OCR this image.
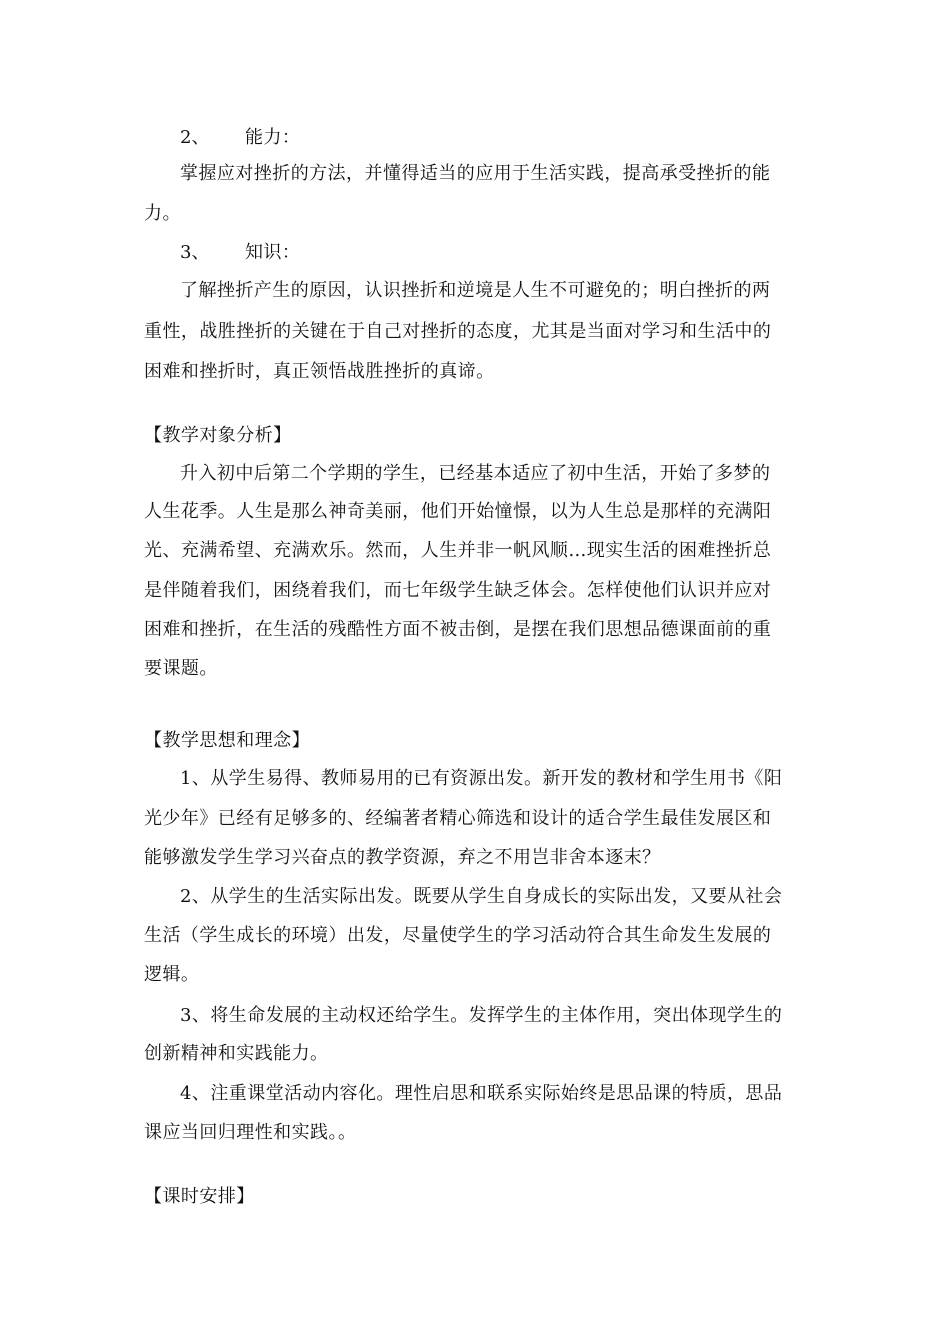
2、 能力：
掌握应对挫折的方法，并懂得适当的应用于生活实践，提高承受挫折的能
力。
3、 知识：
了解挫折产生的原因，认识挫折和逆境是人生不可避免的；明白挫折的两
重性，战胜挫折的关键在于自己对挫折的态度，尤其是当面对学习和生活中的
困难和挫折时，真正领悟战胜挫折的真谛。
【教学对象分析】
升入初中后第二个学期的学生，已经基本适应了初中生活，开始了多梦的
人生花季。人生是那么神奇美丽，他们开始憧憬，以为人生总是那样的充满阳
光、充满希望、充满欢乐。然而，人生并非一帆风顺…现实生活的困难挫折总
是伴随着我们，困绕着我们，而七年级学生缺乏体会。怎样使他们认识并应对
困难和挫折，在生活的残酷性方面不被击倒，是摆在我们思想品德课面前的重
要课题。
【教学思想和理念】
1、从学生易得、教师易用的已有资源出发。新开发的教材和学生用书《阳
光少年》已经有足够多的、经编著者精心筛选和设计的适合学生最佳发展区和
能够激发学生学习兴奋点的教学资源，弃之不用岂非舍本逐末？
2、从学生的生活实际出发。既要从学生自身成长的实际出发，又要从社会
生活（学生成长的环境）出发，尽量使学生的学习活动符合其生命发生发展的
逻辑。
3、将生命发展的主动权还给学生。发挥学生的主体作用，突出体现学生的
创新精神和实践能力。
4、注重课堂活动内容化。理性启思和联系实际始终是思品课的特质，思品
课应当回归理性和实践。。
【课时安排】
